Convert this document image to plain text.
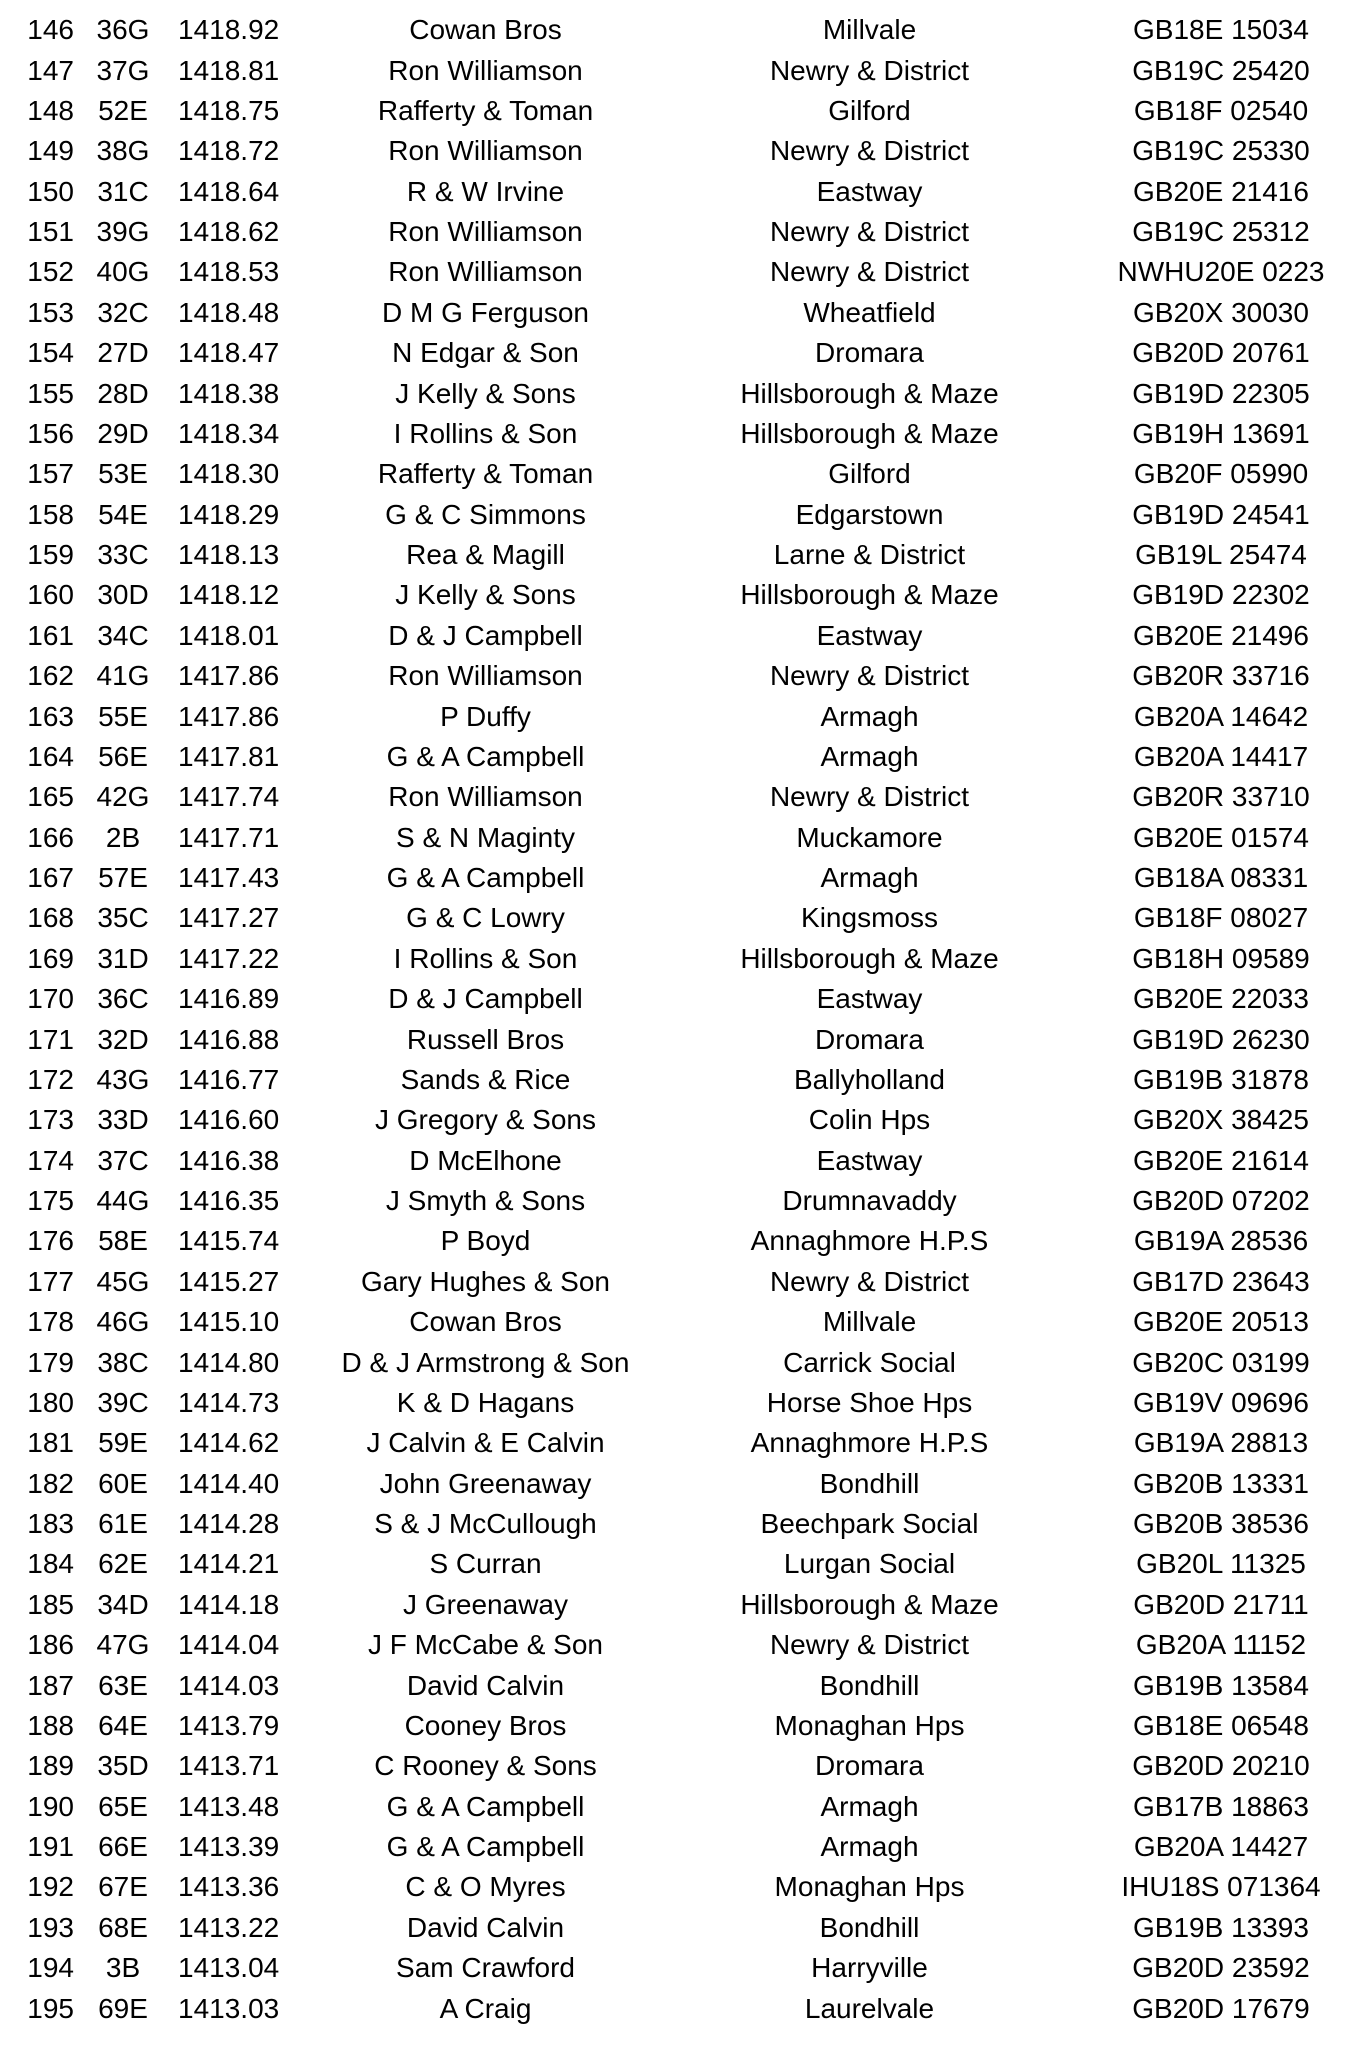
146	36G	1418.92	Cowan Bros	Millvale	GB18E 15034
147	37G	1418.81	Ron Williamson	Newry & District	GB19C 25420
148	52E	1418.75	Rafferty & Toman	Gilford	GB18F 02540
149	38G	1418.72	Ron Williamson	Newry & District	GB19C 25330
150	31C	1418.64	R & W Irvine	Eastway	GB20E 21416
151	39G	1418.62	Ron Williamson	Newry & District	GB19C 25312
152	40G	1418.53	Ron Williamson	Newry & District	NWHU20E 0223
153	32C	1418.48	D M G Ferguson	Wheatfield	GB20X 30030
154	27D	1418.47	N Edgar & Son	Dromara	GB20D 20761
155	28D	1418.38	J Kelly & Sons	Hillsborough & Maze	GB19D 22305
156	29D	1418.34	I Rollins & Son	Hillsborough & Maze	GB19H 13691
157	53E	1418.30	Rafferty & Toman	Gilford	GB20F 05990
158	54E	1418.29	G & C Simmons	Edgarstown	GB19D 24541
159	33C	1418.13	Rea & Magill	Larne & District	GB19L 25474
160	30D	1418.12	J Kelly & Sons	Hillsborough & Maze	GB19D 22302
161	34C	1418.01	D & J Campbell	Eastway	GB20E 21496
162	41G	1417.86	Ron Williamson	Newry & District	GB20R 33716
163	55E	1417.86	P Duffy	Armagh	GB20A 14642
164	56E	1417.81	G & A Campbell	Armagh	GB20A 14417
165	42G	1417.74	Ron Williamson	Newry & District	GB20R 33710
166	2B	1417.71	S & N Maginty	Muckamore	GB20E 01574
167	57E	1417.43	G & A Campbell	Armagh	GB18A 08331
168	35C	1417.27	G & C Lowry	Kingsmoss	GB18F 08027
169	31D	1417.22	I Rollins & Son	Hillsborough & Maze	GB18H 09589
170	36C	1416.89	D & J Campbell	Eastway	GB20E 22033
171	32D	1416.88	Russell Bros	Dromara	GB19D 26230
172	43G	1416.77	Sands & Rice	Ballyholland	GB19B 31878
173	33D	1416.60	J Gregory & Sons	Colin Hps	GB20X 38425
174	37C	1416.38	D McElhone	Eastway	GB20E 21614
175	44G	1416.35	J Smyth & Sons	Drumnavaddy	GB20D 07202
176	58E	1415.74	P Boyd	Annaghmore H.P.S	GB19A 28536
177	45G	1415.27	Gary Hughes & Son	Newry & District	GB17D 23643
178	46G	1415.10	Cowan Bros	Millvale	GB20E 20513
179	38C	1414.80	D & J Armstrong & Son	Carrick Social	GB20C 03199
180	39C	1414.73	K & D Hagans	Horse Shoe Hps	GB19V 09696
181	59E	1414.62	J Calvin & E Calvin	Annaghmore H.P.S	GB19A 28813
182	60E	1414.40	John Greenaway	Bondhill	GB20B 13331
183	61E	1414.28	S & J McCullough	Beechpark Social	GB20B 38536
184	62E	1414.21	S Curran	Lurgan Social	GB20L 11325
185	34D	1414.18	J Greenaway	Hillsborough & Maze	GB20D 21711
186	47G	1414.04	J F McCabe & Son	Newry & District	GB20A 11152
187	63E	1414.03	David Calvin	Bondhill	GB19B 13584
188	64E	1413.79	Cooney Bros	Monaghan Hps	GB18E 06548
189	35D	1413.71	C Rooney & Sons	Dromara	GB20D 20210
190	65E	1413.48	G & A Campbell	Armagh	GB17B 18863
191	66E	1413.39	G & A Campbell	Armagh	GB20A 14427
192	67E	1413.36	C & O Myres	Monaghan Hps	IHU18S 071364
193	68E	1413.22	David Calvin	Bondhill	GB19B 13393
194	3B	1413.04	Sam Crawford	Harryville	GB20D 23592
195	69E	1413.03	A Craig	Laurelvale	GB20D 17679
